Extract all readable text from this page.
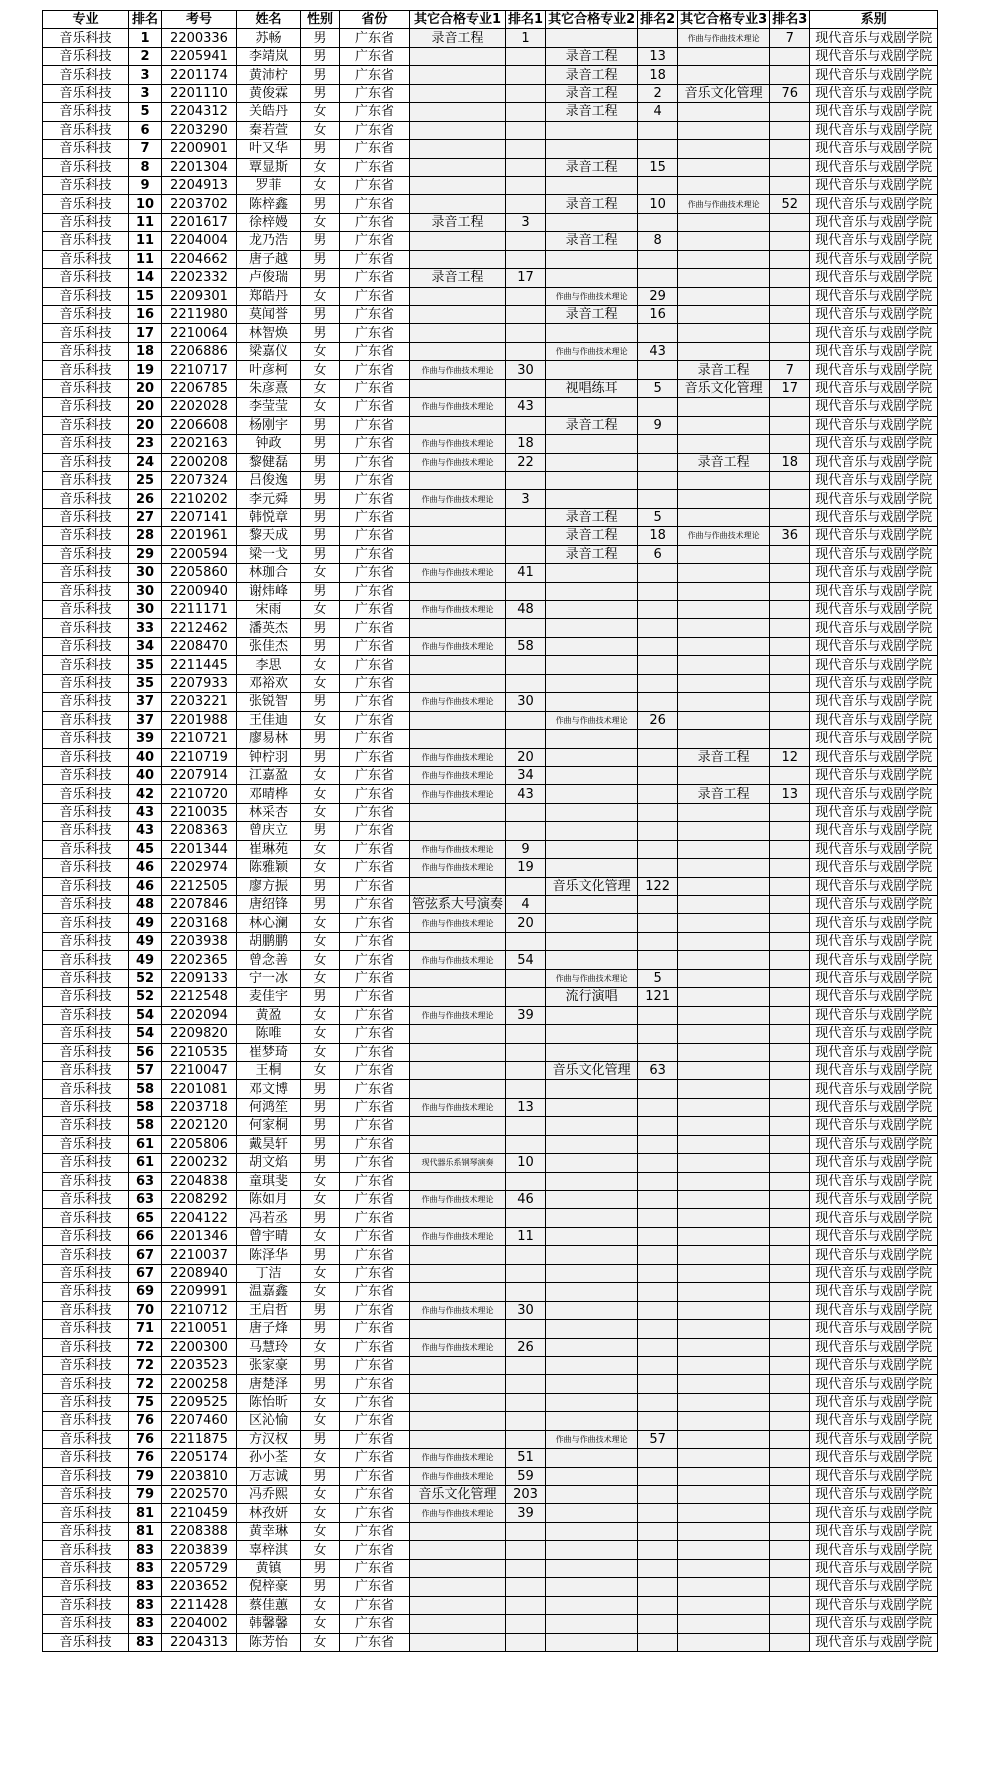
专业	排名	考号	姓名	性别	省份	其它合格专业1	排名1	其它合格专业2	排名2	其它合格专业3	排名3	系别
音乐科技	1	2200336	苏畅	男	广东省	录音工程	1			作曲与作曲技术理论	7	现代音乐与戏剧学院
音乐科技	2	2205941	李靖岚	男	广东省			录音工程	13			现代音乐与戏剧学院
音乐科技	3	2201174	黄沛柠	男	广东省			录音工程	18			现代音乐与戏剧学院
音乐科技	3	2201110	黄俊霖	男	广东省			录音工程	2	音乐文化管理	76	现代音乐与戏剧学院
音乐科技	5	2204312	关皓丹	女	广东省			录音工程	4			现代音乐与戏剧学院
音乐科技	6	2203290	秦若萱	女	广东省							现代音乐与戏剧学院
音乐科技	7	2200901	叶又华	男	广东省							现代音乐与戏剧学院
音乐科技	8	2201304	覃显斯	女	广东省			录音工程	15			现代音乐与戏剧学院
音乐科技	9	2204913	罗菲	女	广东省							现代音乐与戏剧学院
音乐科技	10	2203702	陈梓鑫	男	广东省			录音工程	10	作曲与作曲技术理论	52	现代音乐与戏剧学院
音乐科技	11	2201617	徐梓嫚	女	广东省	录音工程	3					现代音乐与戏剧学院
音乐科技	11	2204004	龙乃浩	男	广东省			录音工程	8			现代音乐与戏剧学院
音乐科技	11	2204662	唐子越	男	广东省							现代音乐与戏剧学院
音乐科技	14	2202332	卢俊瑞	男	广东省	录音工程	17					现代音乐与戏剧学院
音乐科技	15	2209301	郑皓丹	女	广东省			作曲与作曲技术理论	29			现代音乐与戏剧学院
音乐科技	16	2211980	莫闻誉	男	广东省			录音工程	16			现代音乐与戏剧学院
音乐科技	17	2210064	林智焕	男	广东省							现代音乐与戏剧学院
音乐科技	18	2206886	梁嘉仪	女	广东省			作曲与作曲技术理论	43			现代音乐与戏剧学院
音乐科技	19	2210717	叶彦柯	女	广东省	作曲与作曲技术理论	30			录音工程	7	现代音乐与戏剧学院
音乐科技	20	2206785	朱彦熹	女	广东省			视唱练耳	5	音乐文化管理	17	现代音乐与戏剧学院
音乐科技	20	2202028	李莹莹	女	广东省	作曲与作曲技术理论	43					现代音乐与戏剧学院
音乐科技	20	2206608	杨刚宇	男	广东省			录音工程	9			现代音乐与戏剧学院
音乐科技	23	2202163	钟政	男	广东省	作曲与作曲技术理论	18					现代音乐与戏剧学院
音乐科技	24	2200208	黎健磊	男	广东省	作曲与作曲技术理论	22			录音工程	18	现代音乐与戏剧学院
音乐科技	25	2207324	吕俊逸	男	广东省							现代音乐与戏剧学院
音乐科技	26	2210202	李元舜	男	广东省	作曲与作曲技术理论	3					现代音乐与戏剧学院
音乐科技	27	2207141	韩悦章	男	广东省			录音工程	5			现代音乐与戏剧学院
音乐科技	28	2201961	黎天成	男	广东省			录音工程	18	作曲与作曲技术理论	36	现代音乐与戏剧学院
音乐科技	29	2200594	梁一戈	男	广东省			录音工程	6			现代音乐与戏剧学院
音乐科技	30	2205860	林珈合	女	广东省	作曲与作曲技术理论	41					现代音乐与戏剧学院
音乐科技	30	2200940	谢炜峰	男	广东省							现代音乐与戏剧学院
音乐科技	30	2211171	宋雨	女	广东省	作曲与作曲技术理论	48					现代音乐与戏剧学院
音乐科技	33	2212462	潘英杰	男	广东省							现代音乐与戏剧学院
音乐科技	34	2208470	张佳杰	男	广东省	作曲与作曲技术理论	58					现代音乐与戏剧学院
音乐科技	35	2211445	李思	女	广东省							现代音乐与戏剧学院
音乐科技	35	2207933	邓裕欢	女	广东省							现代音乐与戏剧学院
音乐科技	37	2203221	张锐智	男	广东省	作曲与作曲技术理论	30					现代音乐与戏剧学院
音乐科技	37	2201988	王佳迪	女	广东省			作曲与作曲技术理论	26			现代音乐与戏剧学院
音乐科技	39	2210721	廖易林	男	广东省							现代音乐与戏剧学院
音乐科技	40	2210719	钟柠羽	男	广东省	作曲与作曲技术理论	20			录音工程	12	现代音乐与戏剧学院
音乐科技	40	2207914	江嘉盈	女	广东省	作曲与作曲技术理论	34					现代音乐与戏剧学院
音乐科技	42	2210720	邓晴桦	女	广东省	作曲与作曲技术理论	43			录音工程	13	现代音乐与戏剧学院
音乐科技	43	2210035	林采杏	女	广东省							现代音乐与戏剧学院
音乐科技	43	2208363	曾庆立	男	广东省							现代音乐与戏剧学院
音乐科技	45	2201344	崔琳苑	女	广东省	作曲与作曲技术理论	9					现代音乐与戏剧学院
音乐科技	46	2202974	陈雅颖	女	广东省	作曲与作曲技术理论	19					现代音乐与戏剧学院
音乐科技	46	2212505	廖方振	男	广东省			音乐文化管理	122			现代音乐与戏剧学院
音乐科技	48	2207846	唐绍锋	男	广东省	管弦系大号演奏	4					现代音乐与戏剧学院
音乐科技	49	2203168	林心澜	女	广东省	作曲与作曲技术理论	20					现代音乐与戏剧学院
音乐科技	49	2203938	胡鹏鹏	女	广东省							现代音乐与戏剧学院
音乐科技	49	2202365	曾念善	女	广东省	作曲与作曲技术理论	54					现代音乐与戏剧学院
音乐科技	52	2209133	宁一冰	女	广东省			作曲与作曲技术理论	5			现代音乐与戏剧学院
音乐科技	52	2212548	麦佳宇	男	广东省			流行演唱	121			现代音乐与戏剧学院
音乐科技	54	2202094	黄盈	女	广东省	作曲与作曲技术理论	39					现代音乐与戏剧学院
音乐科技	54	2209820	陈唯	女	广东省							现代音乐与戏剧学院
音乐科技	56	2210535	崔梦琦	女	广东省							现代音乐与戏剧学院
音乐科技	57	2210047	王桐	女	广东省			音乐文化管理	63			现代音乐与戏剧学院
音乐科技	58	2201081	邓文博	男	广东省							现代音乐与戏剧学院
音乐科技	58	2203718	何鸿笙	男	广东省	作曲与作曲技术理论	13					现代音乐与戏剧学院
音乐科技	58	2202120	何家桐	男	广东省							现代音乐与戏剧学院
音乐科技	61	2205806	戴昊轩	男	广东省							现代音乐与戏剧学院
音乐科技	61	2200232	胡文焰	男	广东省	现代器乐系钢琴演奏	10					现代音乐与戏剧学院
音乐科技	63	2204838	童琪斐	女	广东省							现代音乐与戏剧学院
音乐科技	63	2208292	陈如月	女	广东省	作曲与作曲技术理论	46					现代音乐与戏剧学院
音乐科技	65	2204122	冯若丞	男	广东省							现代音乐与戏剧学院
音乐科技	66	2201346	曾宇晴	女	广东省	作曲与作曲技术理论	11					现代音乐与戏剧学院
音乐科技	67	2210037	陈泽华	男	广东省							现代音乐与戏剧学院
音乐科技	67	2208940	丁洁	女	广东省							现代音乐与戏剧学院
音乐科技	69	2209991	温嘉鑫	女	广东省							现代音乐与戏剧学院
音乐科技	70	2210712	王启哲	男	广东省	作曲与作曲技术理论	30					现代音乐与戏剧学院
音乐科技	71	2210051	唐子烽	男	广东省							现代音乐与戏剧学院
音乐科技	72	2200300	马慧玲	女	广东省	作曲与作曲技术理论	26					现代音乐与戏剧学院
音乐科技	72	2203523	张家豪	男	广东省							现代音乐与戏剧学院
音乐科技	72	2200258	唐楚泽	男	广东省							现代音乐与戏剧学院
音乐科技	75	2209525	陈怡昕	女	广东省							现代音乐与戏剧学院
音乐科技	76	2207460	区沁愉	女	广东省							现代音乐与戏剧学院
音乐科技	76	2211875	方汉权	男	广东省			作曲与作曲技术理论	57			现代音乐与戏剧学院
音乐科技	76	2205174	孙小荃	女	广东省	作曲与作曲技术理论	51					现代音乐与戏剧学院
音乐科技	79	2203810	万志诚	男	广东省	作曲与作曲技术理论	59					现代音乐与戏剧学院
音乐科技	79	2202570	冯乔熙	女	广东省	音乐文化管理	203					现代音乐与戏剧学院
音乐科技	81	2210459	林孜妍	女	广东省	作曲与作曲技术理论	39					现代音乐与戏剧学院
音乐科技	81	2208388	黄幸琳	女	广东省							现代音乐与戏剧学院
音乐科技	83	2203839	辜梓淇	女	广东省							现代音乐与戏剧学院
音乐科技	83	2205729	黄镇	男	广东省							现代音乐与戏剧学院
音乐科技	83	2203652	倪梓豪	男	广东省							现代音乐与戏剧学院
音乐科技	83	2211428	蔡佳蕙	女	广东省							现代音乐与戏剧学院
音乐科技	83	2204002	韩馨馨	女	广东省							现代音乐与戏剧学院
音乐科技	83	2204313	陈芳怡	女	广东省							现代音乐与戏剧学院
